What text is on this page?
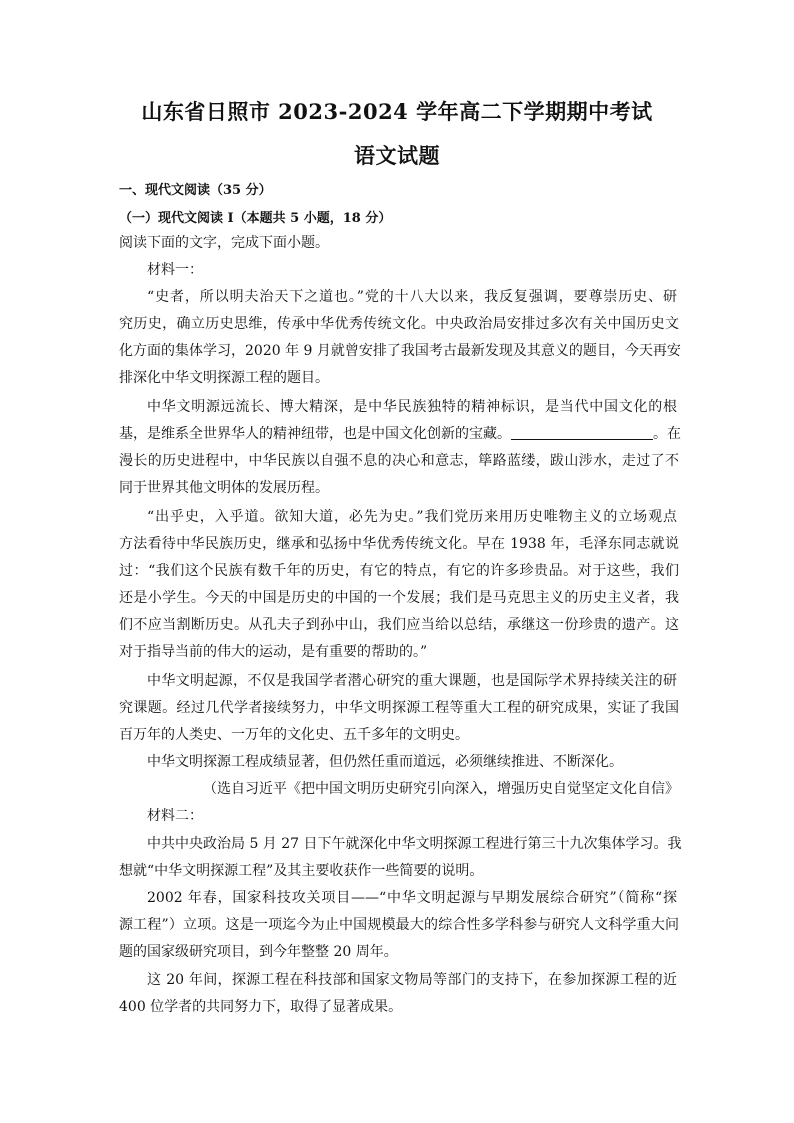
山东省日照市 2023-2024 学年高二下学期期中考试
语文试题
一、现代文阅读（35 分）
（一）现代文阅读 I（本题共 5 小题，18 分）
阅读下面的文字，完成下面小题。
材料一：
“史者，所以明夫治天下之道也。”党的十八大以来，我反复强调，要尊崇历史、研
究历史，确立历史思维，传承中华优秀传统文化。中央政治局安排过多次有关中国历史文
化方面的集体学习，2020 年 9 月就曾安排了我国考古最新发现及其意义的题目，今天再安
排深化中华文明探源工程的题目。
中华文明源远流长、博大精深，是中华民族独特的精神标识，是当代中国文化的根
基，是维系全世界华人的精神纽带，也是中国文化创新的宝藏。	。在
漫长的历史进程中，中华民族以自强不息的决心和意志，筚路蓝缕，跋山涉水，走过了不
同于世界其他文明体的发展历程。
“出乎史，入乎道。欲知大道，必先为史。”我们党历来用历史唯物主义的立场观点
方法看待中华民族历史，继承和弘扬中华优秀传统文化。早在 1938 年，毛泽东同志就说
过：“我们这个民族有数千年的历史，有它的特点，有它的许多珍贵品。对于这些，我们
还是小学生。今天的中国是历史的中国的一个发展；我们是马克思主义的历史主义者，我
们不应当割断历史。从孔夫子到孙中山，我们应当给以总结，承继这一份珍贵的遗产。这
对于指导当前的伟大的运动，是有重要的帮助的。”
中华文明起源，不仅是我国学者潜心研究的重大课题，也是国际学术界持续关注的研
究课题。经过几代学者接续努力，中华文明探源工程等重大工程的研究成果，实证了我国
百万年的人类史、一万年的文化史、五千多年的文明史。
中华文明探源工程成绩显著，但仍然任重而道远，必须继续推进、不断深化。
（选自习近平《把中国文明历史研究引向深入，增强历史自觉坚定文化自信》
材料二：
中共中央政治局 5 月 27 日下午就深化中华文明探源工程进行第三十九次集体学习。我
想就“中华文明探源工程”及其主要收获作一些简要的说明。
2002 年春，国家科技攻关项目——“中华文明起源与早期发展综合研究”（简称“探
源工程”）立项。这是一项迄今为止中国规模最大的综合性多学科参与研究人文科学重大问
题的国家级研究项目，到今年整整 20 周年。
这 20 年间，探源工程在科技部和国家文物局等部门的支持下，在参加探源工程的近
400 位学者的共同努力下，取得了显著成果。
